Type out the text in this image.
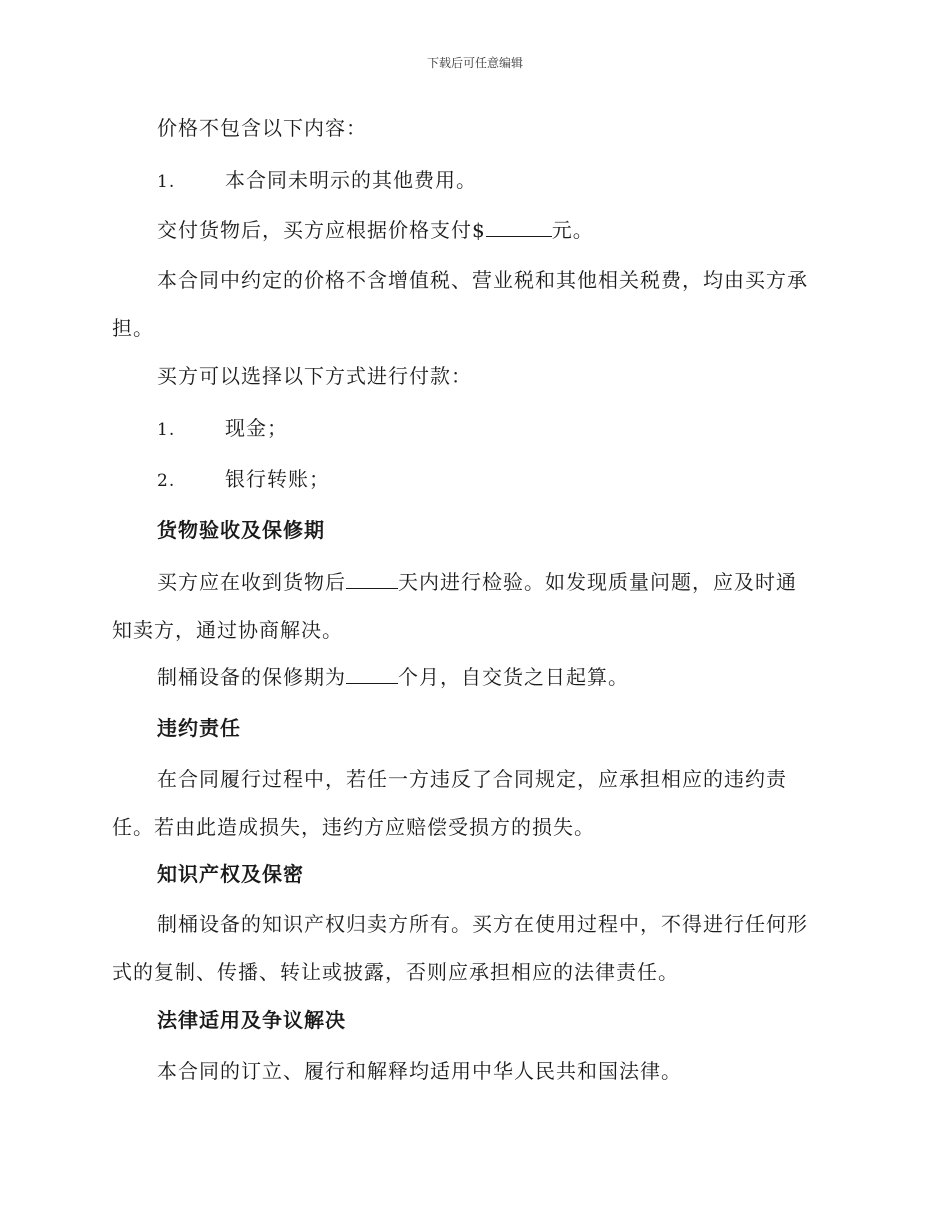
下载后可任意编辑
价格不包含以下内容：
1. 本合同未明示的其他费用。
交付货物后，买方应根据价格支付$	元。
本合同中约定的价格不含增值税、营业税和其他相关税费，均由买方承
担。
买方可以选择以下方式进行付款：
1. 现金；
2. 银行转账；
货物验收及保修期
买方应在收到货物后	天内进行检验。如发现质量问题，应及时通
知卖方，通过协商解决。
制桶设备的保修期为	个月，自交货之日起算。
违约责任
在合同履行过程中，若任一方违反了合同规定，应承担相应的违约责
任。若由此造成损失，违约方应赔偿受损方的损失。
知识产权及保密
制桶设备的知识产权归卖方所有。买方在使用过程中，不得进行任何形
式的复制、传播、转让或披露，否则应承担相应的法律责任。
法律适用及争议解决
本合同的订立、履行和解释均适用中华人民共和国法律。
